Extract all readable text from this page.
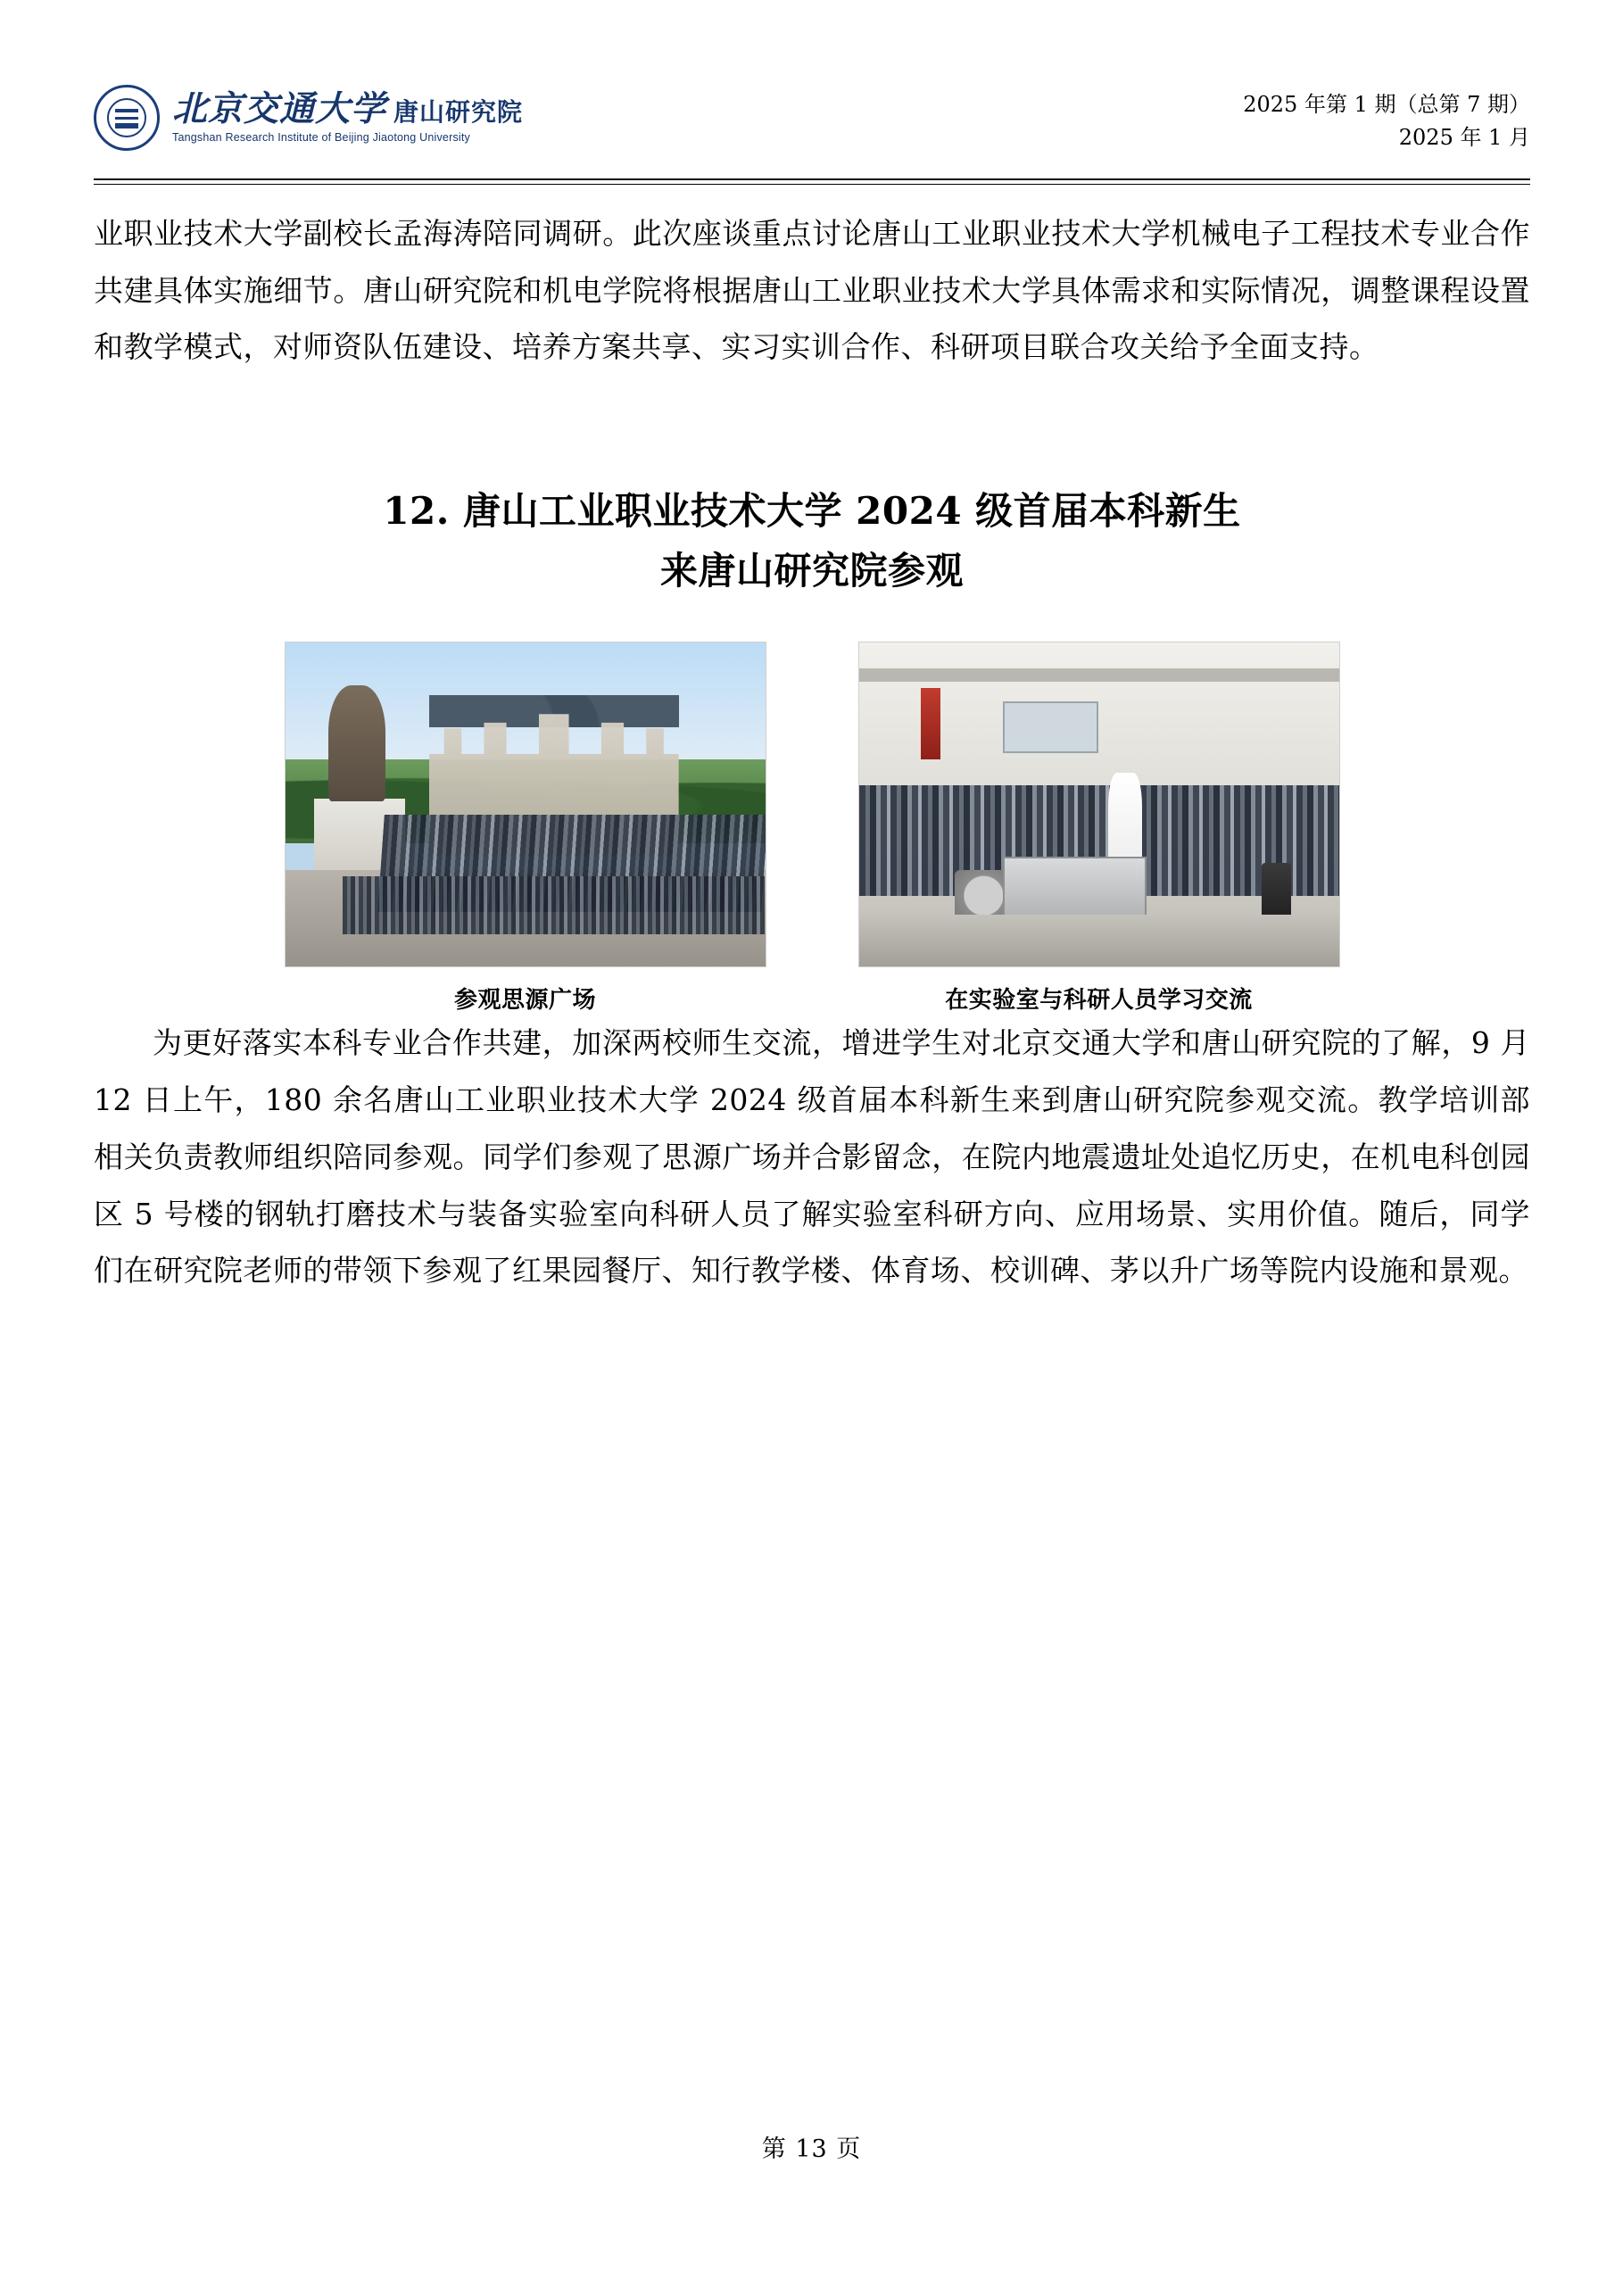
北京交通大学 唐山研究院
Tangshan Research Institute of Beijing Jiaotong University
2025 年第 1 期（总第 7 期）
2025 年 1 月

业职业技术大学副校长孟海涛陪同调研。此次座谈重点讨论唐山工业职业技术大学机械电子工程技术专业合作共建具体实施细节。唐山研究院和机电学院将根据唐山工业职业技术大学具体需求和实际情况，调整课程设置和教学模式，对师资队伍建设、培养方案共享、实习实训合作、科研项目联合攻关给予全面支持。

12. 唐山工业职业技术大学 2024 级首届本科新生
来唐山研究院参观
参观思源广场	在实验室与科研人员学习交流

为更好落实本科专业合作共建，加深两校师生交流，增进学生对北京交通大学和唐山研究院的了解，9 月 12 日上午，180 余名唐山工业职业技术大学 2024 级首届本科新生来到唐山研究院参观交流。教学培训部相关负责教师组织陪同参观。同学们参观了思源广场并合影留念，在院内地震遗址处追忆历史，在机电科创园区 5 号楼的钢轨打磨技术与装备实验室向科研人员了解实验室科研方向、应用场景、实用价值。随后，同学们在研究院老师的带领下参观了红果园餐厅、知行教学楼、体育场、校训碑、茅以升广场等院内设施和景观。

第 13 页
